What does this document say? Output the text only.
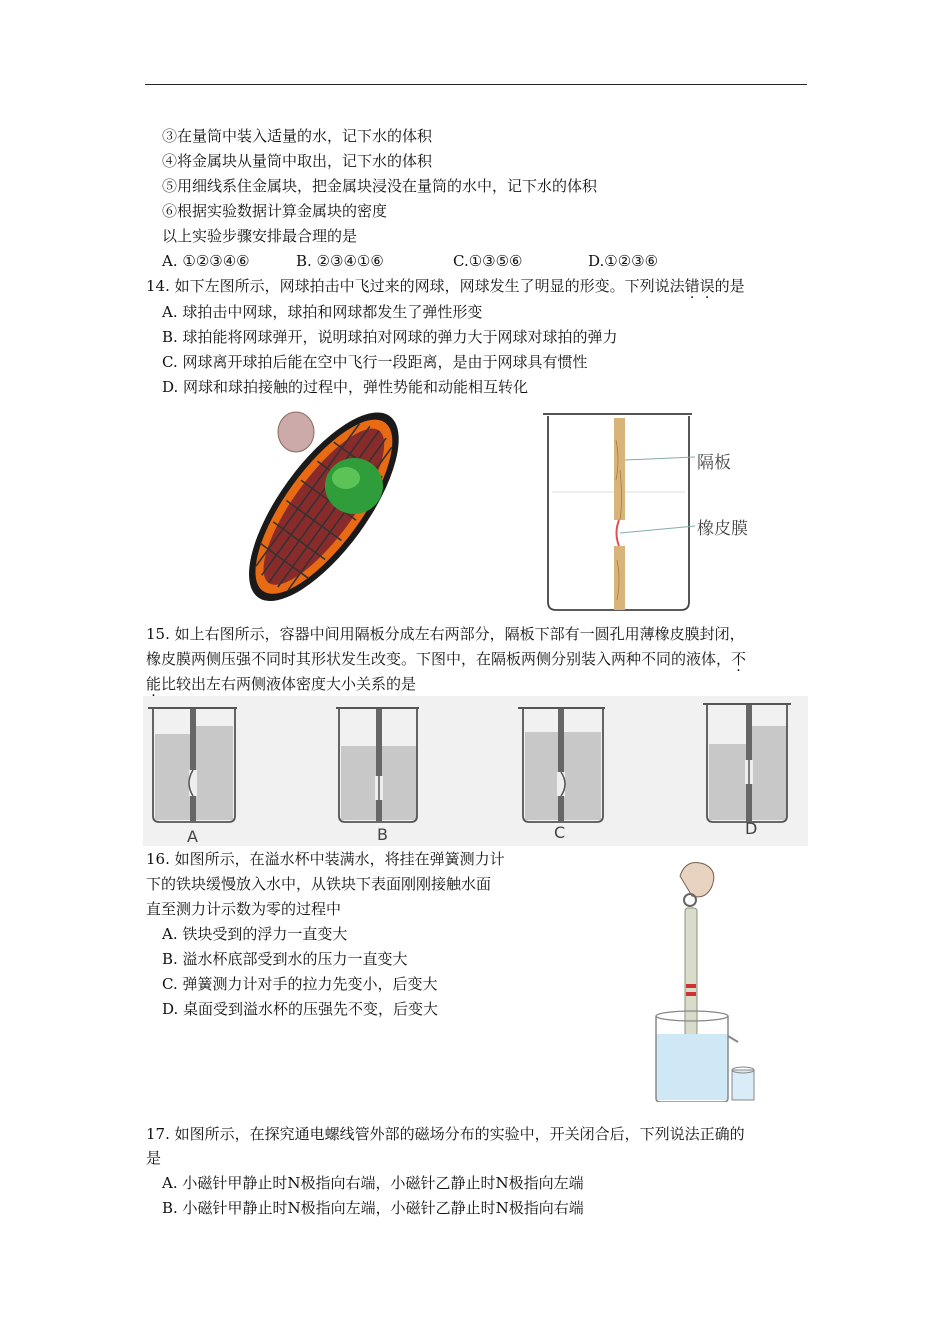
③在量筒中装入适量的水，记下水的体积
④将金属块从量筒中取出，记下水的体积
⑤用细线系住金属块，把金属块浸没在量筒的水中，记下水的体积
⑥根据实验数据计算金属块的密度
以上实验步骤安排最合理的是
A. ①②③④⑥	B. ②③④①⑥	C.①③⑤⑥	D.①②③⑥
14. 如下左图所示，网球拍击中飞过来的网球，网球发生了明显的形变。下列说法错误的是
A. 球拍击中网球，球拍和网球都发生了弹性形变
B. 球拍能将网球弹开，说明球拍对网球的弹力大于网球对球拍的弹力
C. 网球离开球拍后能在空中飞行一段距离，是由于网球具有惯性
D. 网球和球拍接触的过程中，弹性势能和动能相互转化
隔板
橡皮膜
15. 如上右图所示，容器中间用隔板分成左右两部分，隔板下部有一圆孔用薄橡皮膜封闭，
橡皮膜两侧压强不同时其形状发生改变。下图中，在隔板两侧分别装入两种不同的液体，不
能比较出左右两侧液体密度大小关系的是
A	B	C	D
16. 如图所示，在溢水杯中装满水，将挂在弹簧测力计
下的铁块缓慢放入水中，从铁块下表面刚刚接触水面
直至测力计示数为零的过程中
A. 铁块受到的浮力一直变大
B. 溢水杯底部受到水的压力一直变大
C. 弹簧测力计对手的拉力先变小，后变大
D. 桌面受到溢水杯的压强先不变，后变大
17. 如图所示，在探究通电螺线管外部的磁场分布的实验中，开关闭合后，下列说法正确的
是
A. 小磁针甲静止时N极指向右端，小磁针乙静止时N极指向左端
B. 小磁针甲静止时N极指向左端，小磁针乙静止时N极指向右端
